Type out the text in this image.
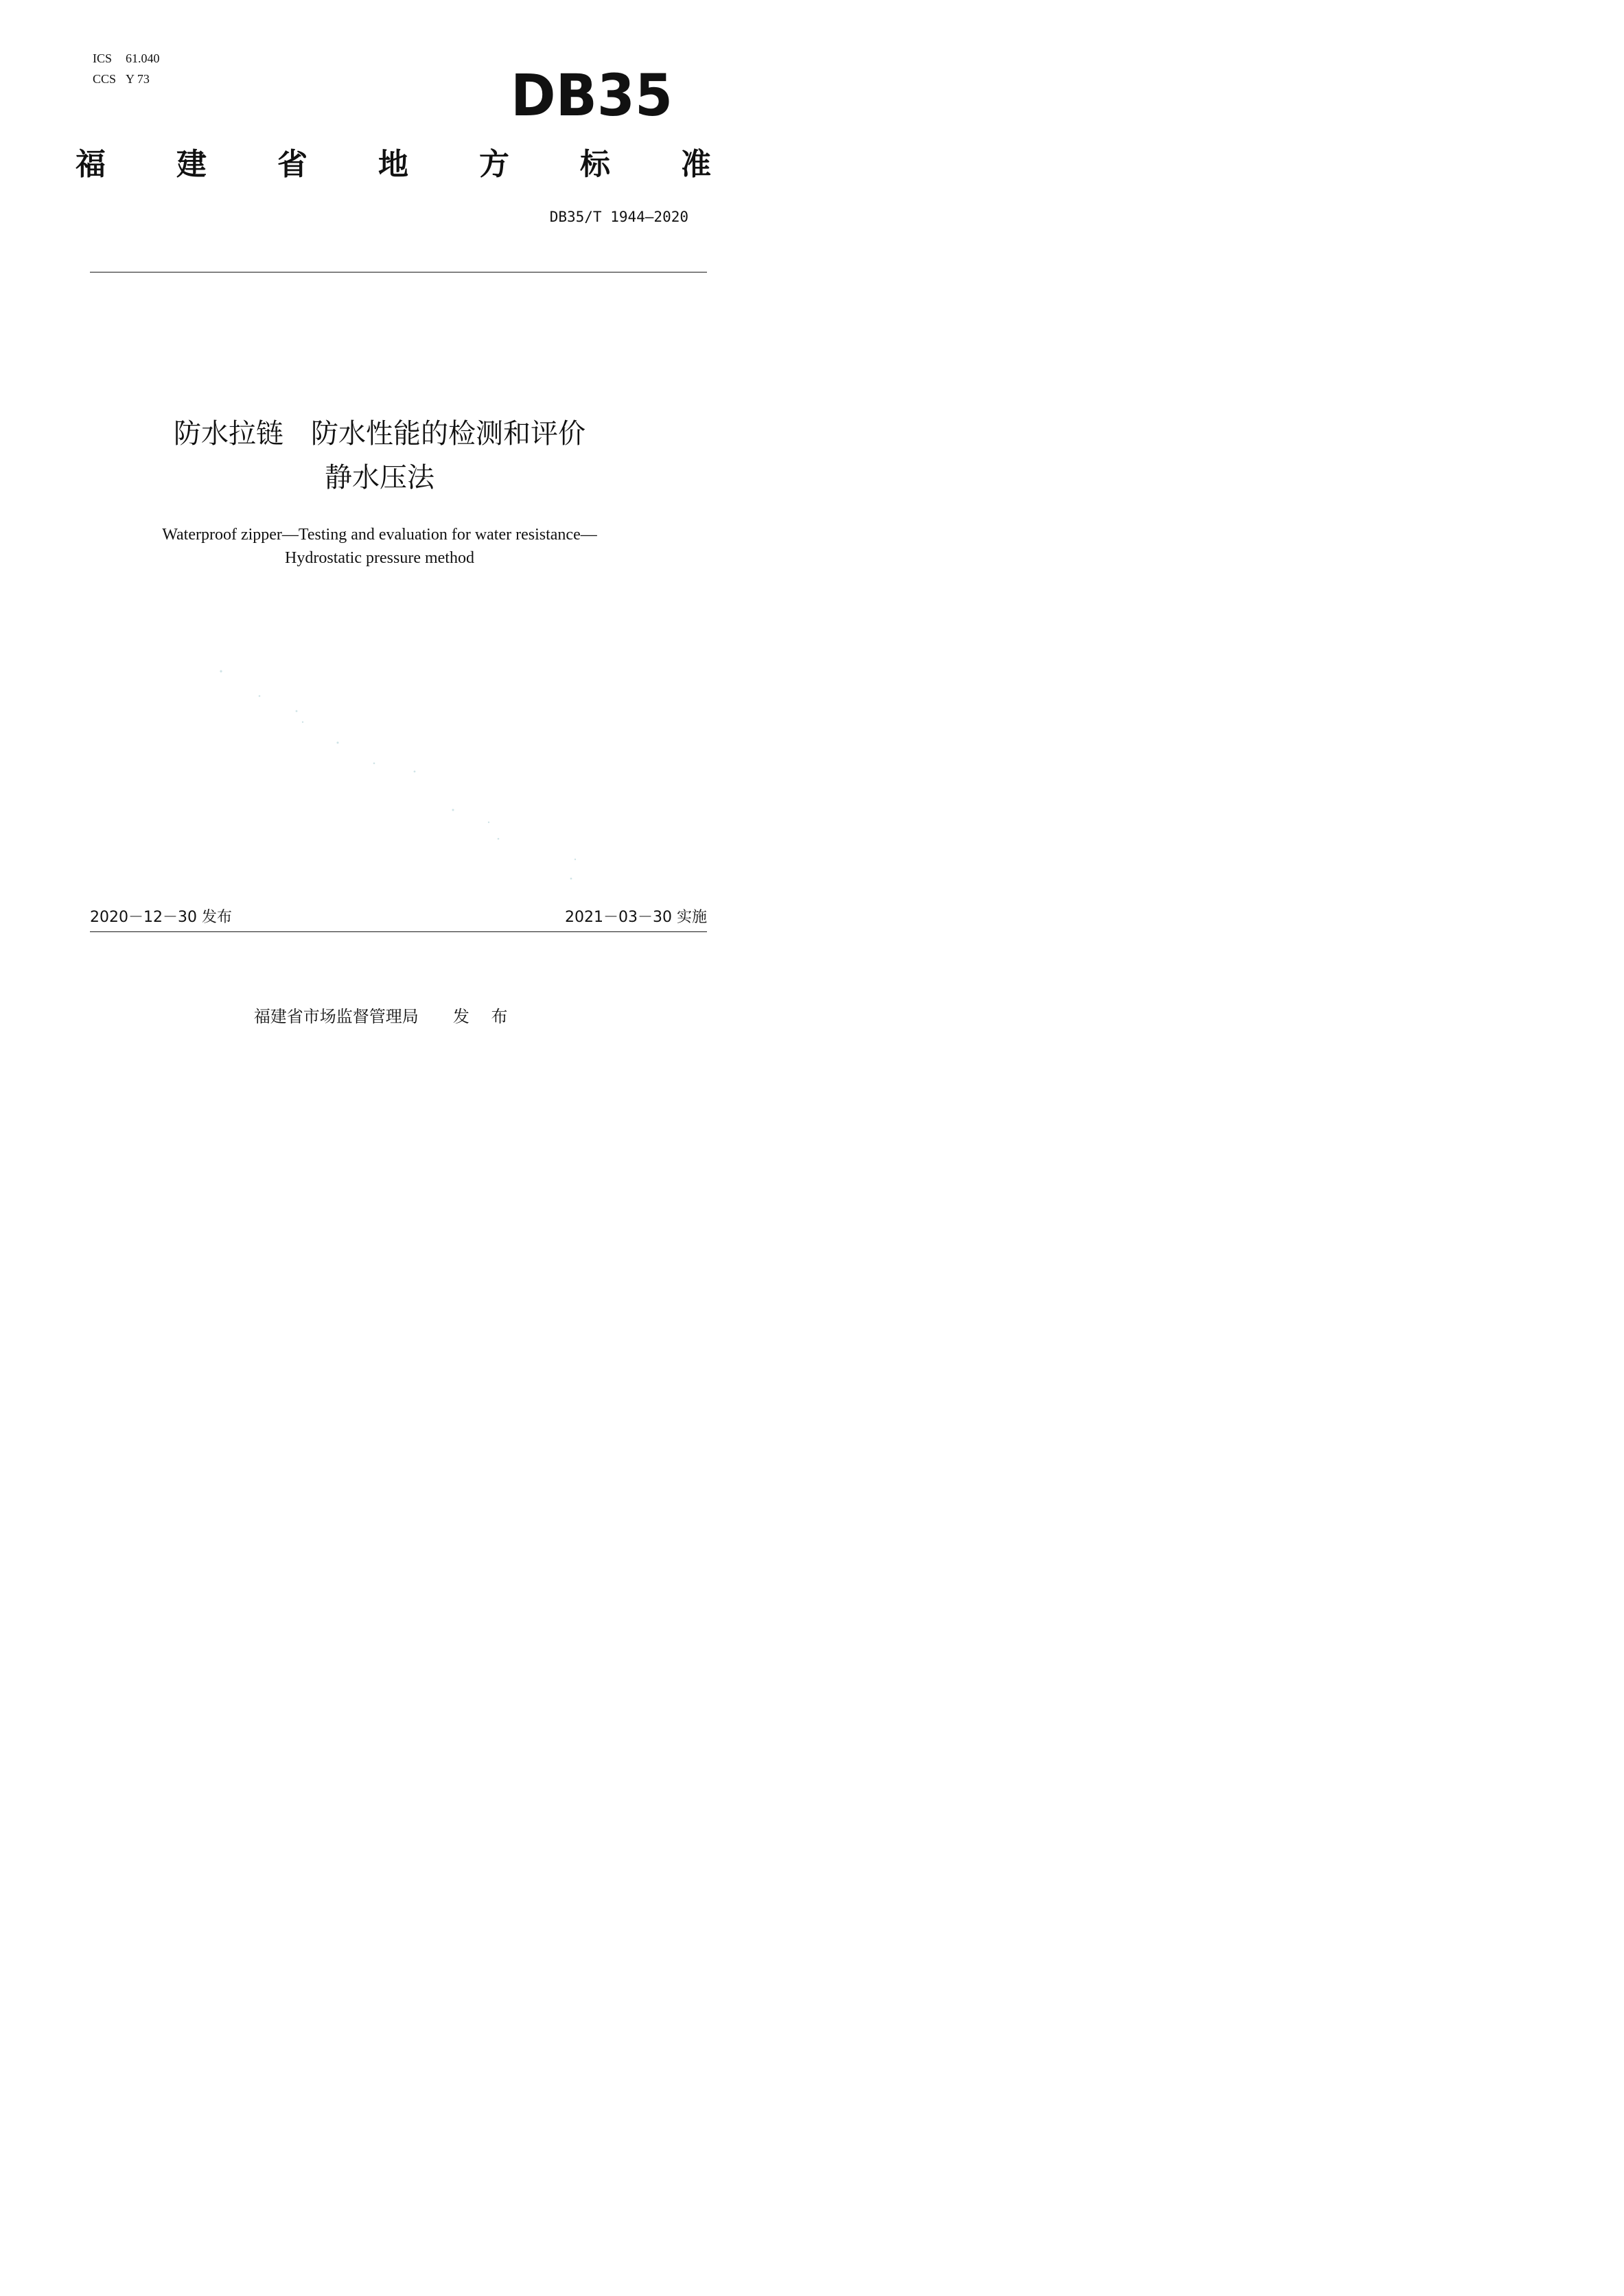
ICS 61.040

CCS Y 73	DB35
福 建 省 地 方 标 准
DB35/T 1944—2020
防水拉链　防水性能的检测和评价
静水压法
Waterproof zipper—Testing and evaluation for water resistance—
Hydrostatic pressure method
2020－12－30 发布	2021－03－30 实施

福建省市场监督管理局 发 布
